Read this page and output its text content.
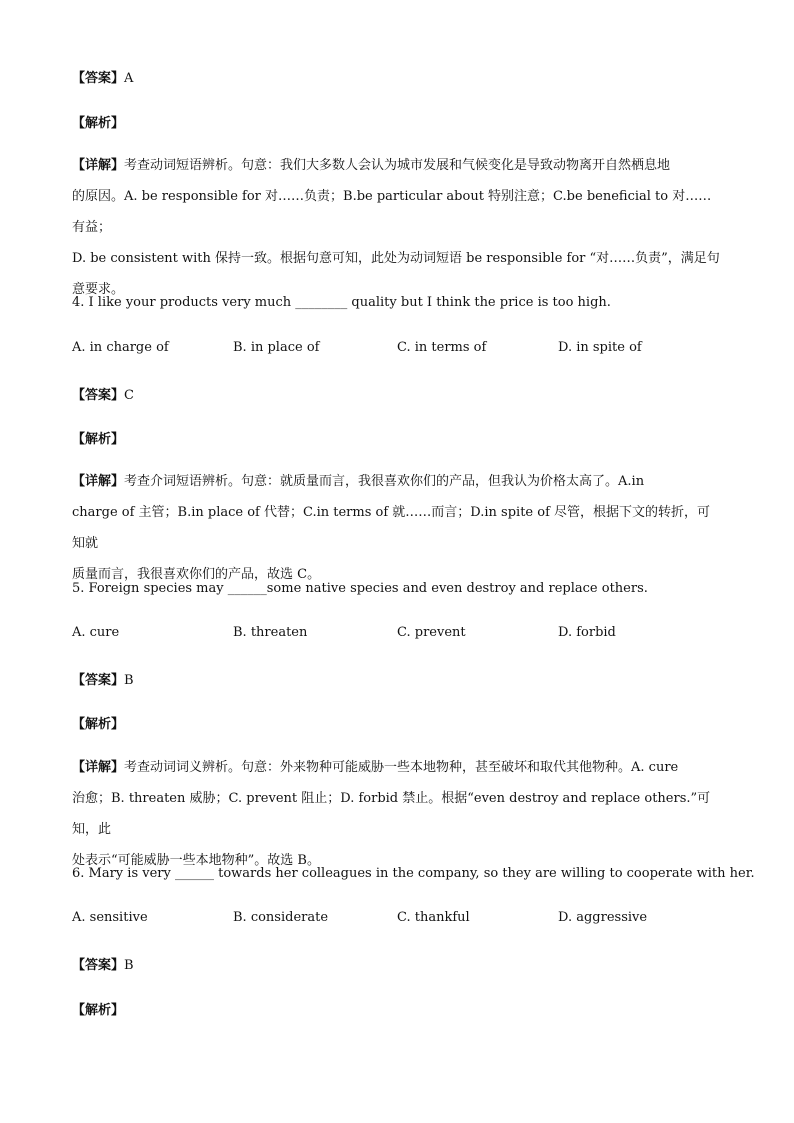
【答案】A
【解析】
【详解】考查动词短语辨析。句意：我们大多数人会认为城市发展和气候变化是导致动物离开自然栖息地
的原因。A. be responsible for 对……负责；B.be particular about 特别注意；C.be beneficial to 对……有益；
D. be consistent with 保持一致。根据句意可知，此处为动词短语 be responsible for “对……负责”，满足句
意要求。
4. I like your products very much ________ quality but I think the price is too high.
A. in charge of	B. in place of	C. in terms of	D. in spite of
【答案】C
【解析】
【详解】考查介词短语辨析。句意：就质量而言，我很喜欢你们的产品，但我认为价格太高了。A.in
charge of 主管；B.in place of 代替；C.in terms of 就……而言；D.in spite of 尽管，根据下文的转折，可知就
质量而言，我很喜欢你们的产品，故选 C。
5. Foreign species may ______some native species and even destroy and replace others.
A. cure	B. threaten	C. prevent	D. forbid
【答案】B
【解析】
【详解】考查动词词义辨析。句意：外来物种可能威胁一些本地物种，甚至破坏和取代其他物种。A. cure
治愈；B. threaten 威胁；C. prevent 阻止；D. forbid 禁止。根据“even destroy and replace others.”可知，此
处表示“可能威胁一些本地物种”。故选 B。
6. Mary is very ______ towards her colleagues in the company, so they are willing to cooperate with her.
A. sensitive	B. considerate	C. thankful	D. aggressive
【答案】B
【解析】
